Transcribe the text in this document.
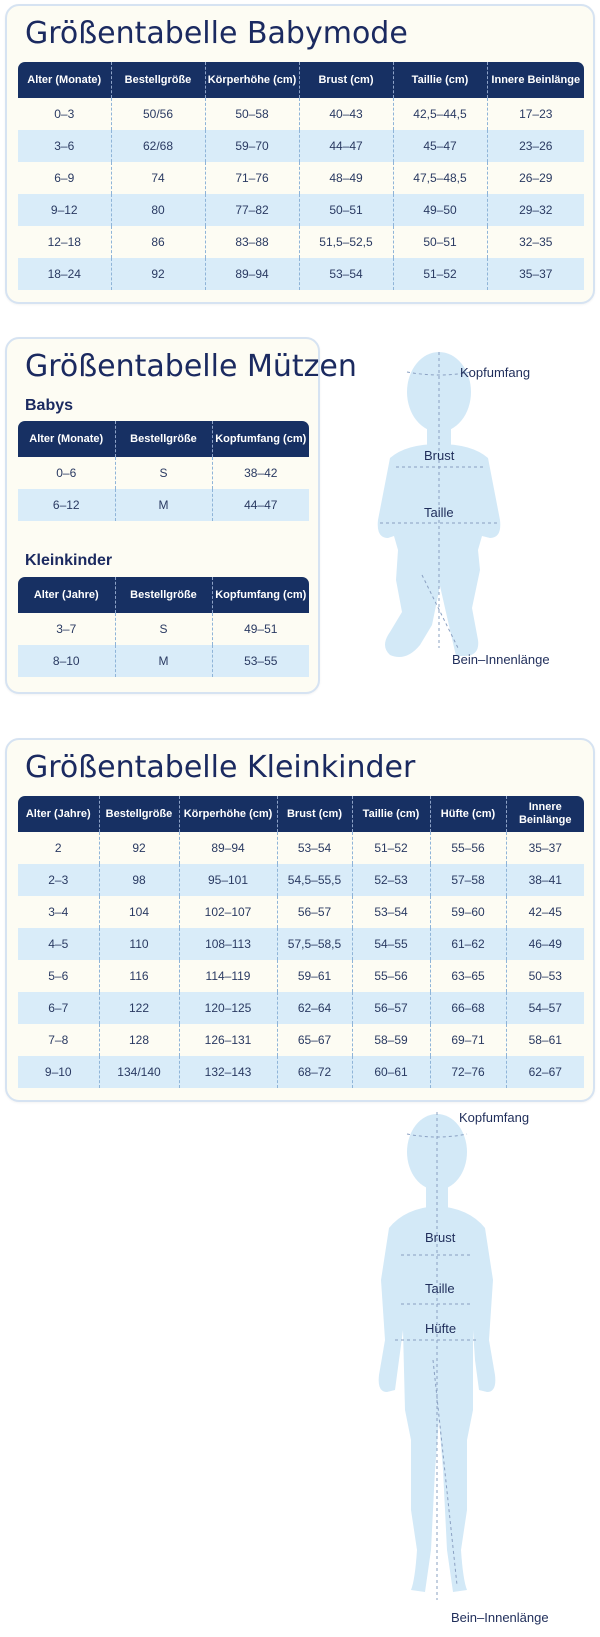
Größentabelle Babymode
Alter (Monate)	Bestellgröße	Körperhöhe (cm)	Brust (cm)	Taillie (cm)	Innere Beinlänge
0–3	50/56	50–58	40–43	42,5–44,5	17–23
3–6	62/68	59–70	44–47	45–47	23–26
6–9	74	71–76	48–49	47,5–48,5	26–29
9–12	80	77–82	50–51	49–50	29–32
12–18	86	83–88	51,5–52,5	50–51	32–35
18–24	92	89–94	53–54	51–52	35–37
Größentabelle Mützen
Babys
Alter (Monate)	Bestellgröße	Kopfumfang (cm)
0–6	S	38–42
6–12	M	44–47
Kleinkinder
Alter (Jahre)	Bestellgröße	Kopfumfang (cm)
3–7	S	49–51
8–10	M	53–55
Kopfumfang
Brust
Taille
Bein–Innenlänge
Größentabelle Kleinkinder
Alter (Jahre)	Bestellgröße	Körperhöhe (cm)	Brust (cm)	Taillie (cm)	Hüfte (cm)	Innere Beinlänge
2	92	89–94	53–54	51–52	55–56	35–37
2–3	98	95–101	54,5–55,5	52–53	57–58	38–41
3–4	104	102–107	56–57	53–54	59–60	42–45
4–5	110	108–113	57,5–58,5	54–55	61–62	46–49
5–6	116	114–119	59–61	55–56	63–65	50–53
6–7	122	120–125	62–64	56–57	66–68	54–57
7–8	128	126–131	65–67	58–59	69–71	58–61
9–10	134/140	132–143	68–72	60–61	72–76	62–67
Kopfumfang
Brust
Taille
Hüfte
Bein–Innenlänge
